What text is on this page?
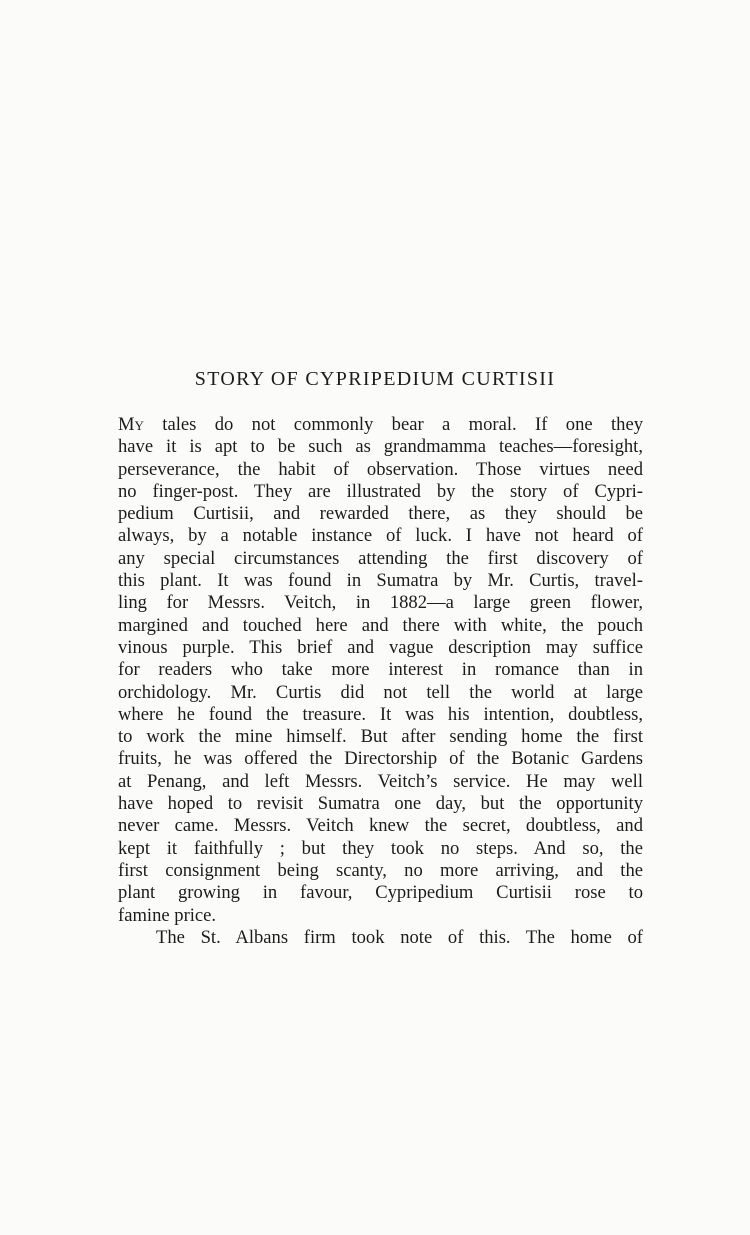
STORY OF CYPRIPEDIUM CURTISII
My tales do not commonly bear a moral. If one they
have it is apt to be such as grandmamma teaches—foresight,
perseverance, the habit of observation. Those virtues need
no finger-post. They are illustrated by the story of Cypri-
pedium Curtisii, and rewarded there, as they should be
always, by a notable instance of luck. I have not heard of
any special circumstances attending the first discovery of
this plant. It was found in Sumatra by Mr. Curtis, travel-
ling for Messrs. Veitch, in 1882—a large green flower,
margined and touched here and there with white, the pouch
vinous purple. This brief and vague description may suffice
for readers who take more interest in romance than in
orchidology. Mr. Curtis did not tell the world at large
where he found the treasure. It was his intention, doubtless,
to work the mine himself. But after sending home the first
fruits, he was offered the Directorship of the Botanic Gardens
at Penang, and left Messrs. Veitch’s service. He may well
have hoped to revisit Sumatra one day, but the opportunity
never came. Messrs. Veitch knew the secret, doubtless, and
kept it faithfully ; but they took no steps. And so, the
first consignment being scanty, no more arriving, and the
plant growing in favour, Cypripedium Curtisii rose to
famine price.
The St. Albans firm took note of this. The home of
